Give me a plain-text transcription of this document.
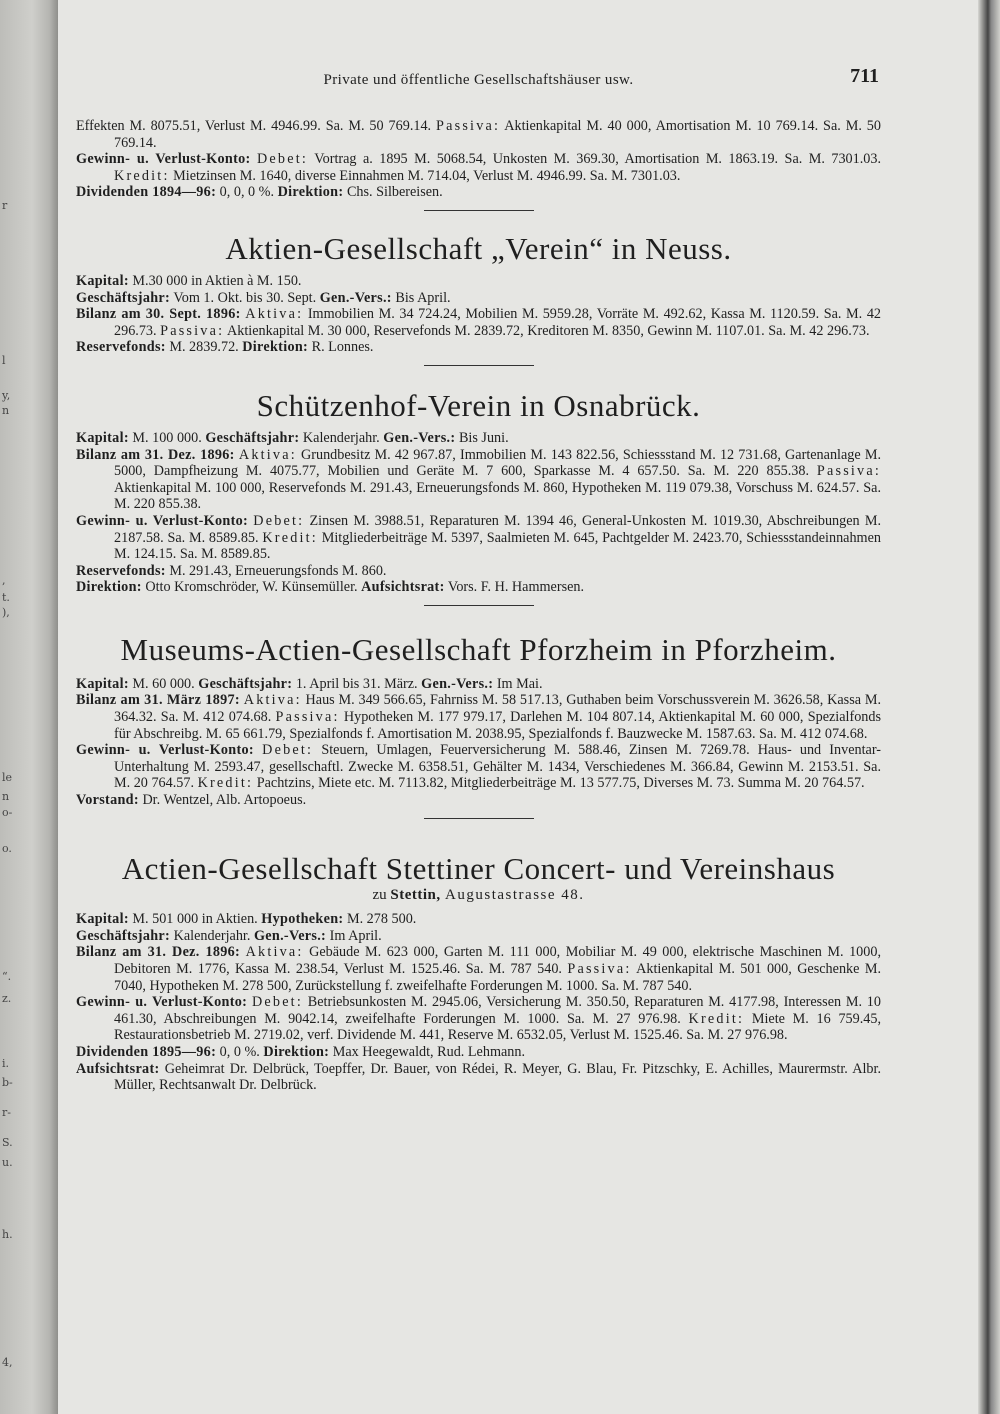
r
l
y,
n
̀,
t.
),
le
n
o-
o.
“.
z.
i.
b-
r-
S.
u.
h.
4,
Private und öffentliche Gesellschaftshäuser usw.	711

Effekten M. 8075.51, Verlust M. 4946.99. Sa. M. 50 769.14. Passiva: Aktienkapital M. 40 000, Amortisation M. 10 769.14. Sa. M. 50 769.14.

Gewinn- u. Verlust-Konto: Debet: Vortrag a. 1895 M. 5068.54, Unkosten M. 369.30, Amortisation M. 1863.19. Sa. M. 7301.03. Kredit: Mietzinsen M. 1640, diverse Einnahmen M. 714.04, Verlust M. 4946.99. Sa. M. 7301.03.

Dividenden 1894—96: 0, 0, 0 %. Direktion: Chs. Silbereisen.

Aktien-Gesellschaft „Verein“ in Neuss.

Kapital: M.30 000 in Aktien à M. 150.

Geschäftsjahr: Vom 1. Okt. bis 30. Sept. Gen.-Vers.: Bis April.

Bilanz am 30. Sept. 1896: Aktiva: Immobilien M. 34 724.24, Mobilien M. 5959.28, Vorräte M. 492.62, Kassa M. 1120.59. Sa. M. 42 296.73. Passiva: Aktienkapital M. 30 000, Reservefonds M. 2839.72, Kreditoren M. 8350, Gewinn M. 1107.01. Sa. M. 42 296.73.

Reservefonds: M. 2839.72. Direktion: R. Lonnes.

Schützenhof-Verein in Osnabrück.

Kapital: M. 100 000. Geschäftsjahr: Kalenderjahr. Gen.-Vers.: Bis Juni.

Bilanz am 31. Dez. 1896: Aktiva: Grundbesitz M. 42 967.87, Immobilien M. 143 822.56, Schiessstand M. 12 731.68, Gartenanlage M. 5000, Dampfheizung M. 4075.77, Mobilien und Geräte M. 7 600, Sparkasse M. 4 657.50. Sa. M. 220 855.38. Passiva: Aktienkapital M. 100 000, Reservefonds M. 291.43, Erneuerungsfonds M. 860, Hypotheken M. 119 079.38, Vorschuss M. 624.57. Sa. M. 220 855.38.

Gewinn- u. Verlust-Konto: Debet: Zinsen M. 3988.51, Reparaturen M. 1394 46, General-Unkosten M. 1019.30, Abschreibungen M. 2187.58. Sa. M. 8589.85. Kredit: Mitgliederbeiträge M. 5397, Saalmieten M. 645, Pachtgelder M. 2423.70, Schiessstandeinnahmen M. 124.15. Sa. M. 8589.85.

Reservefonds: M. 291.43, Erneuerungsfonds M. 860.

Direktion: Otto Kromschröder, W. Künsemüller. Aufsichtsrat: Vors. F. H. Hammersen.

Museums-Actien-Gesellschaft Pforzheim in Pforzheim.

Kapital: M. 60 000. Geschäftsjahr: 1. April bis 31. März. Gen.-Vers.: Im Mai.

Bilanz am 31. März 1897: Aktiva: Haus M. 349 566.65, Fahrniss M. 58 517.13, Guthaben beim Vorschussverein M. 3626.58, Kassa M. 364.32. Sa. M. 412 074.68. Passiva: Hypotheken M. 177 979.17, Darlehen M. 104 807.14, Aktienkapital M. 60 000, Spezialfonds für Abschreibg. M. 65 661.79, Spezialfonds f. Amortisation M. 2038.95, Spezialfonds f. Bauzwecke M. 1587.63. Sa. M. 412 074.68.

Gewinn- u. Verlust-Konto: Debet: Steuern, Umlagen, Feuerversicherung M. 588.46, Zinsen M. 7269.78. Haus- und Inventar-Unterhaltung M. 2593.47, gesellschaftl. Zwecke M. 6358.51, Gehälter M. 1434, Verschiedenes M. 366.84, Gewinn M. 2153.51. Sa. M. 20 764.57. Kredit: Pachtzins, Miete etc. M. 7113.82, Mitgliederbeiträge M. 13 577.75, Diverses M. 73. Summa M. 20 764.57.

Vorstand: Dr. Wentzel, Alb. Artopoeus.

Actien-Gesellschaft Stettiner Concert- und Vereinshaus
zu Stettin, Augustastrasse 48.

Kapital: M. 501 000 in Aktien. Hypotheken: M. 278 500.

Geschäftsjahr: Kalenderjahr. Gen.-Vers.: Im April.

Bilanz am 31. Dez. 1896: Aktiva: Gebäude M. 623 000, Garten M. 111 000, Mobiliar M. 49 000, elektrische Maschinen M. 1000, Debitoren M. 1776, Kassa M. 238.54, Verlust M. 1525.46. Sa. M. 787 540. Passiva: Aktienkapital M. 501 000, Geschenke M. 7040, Hypotheken M. 278 500, Zurückstellung f. zweifelhafte Forderungen M. 1000. Sa. M. 787 540.

Gewinn- u. Verlust-Konto: Debet: Betriebsunkosten M. 2945.06, Versicherung M. 350.50, Reparaturen M. 4177.98, Interessen M. 10 461.30, Abschreibungen M. 9042.14, zweifelhafte Forderungen M. 1000. Sa. M. 27 976.98. Kredit: Miete M. 16 759.45, Restaurationsbetrieb M. 2719.02, verf. Dividende M. 441, Reserve M. 6532.05, Verlust M. 1525.46. Sa. M. 27 976.98.

Dividenden 1895—96: 0, 0 %. Direktion: Max Heegewaldt, Rud. Lehmann.

Aufsichtsrat: Geheimrat Dr. Delbrück, Toepffer, Dr. Bauer, von Rédei, R. Meyer, G. Blau, Fr. Pitzschky, E. Achilles, Maurermstr. Albr. Müller, Rechtsanwalt Dr. Delbrück.
